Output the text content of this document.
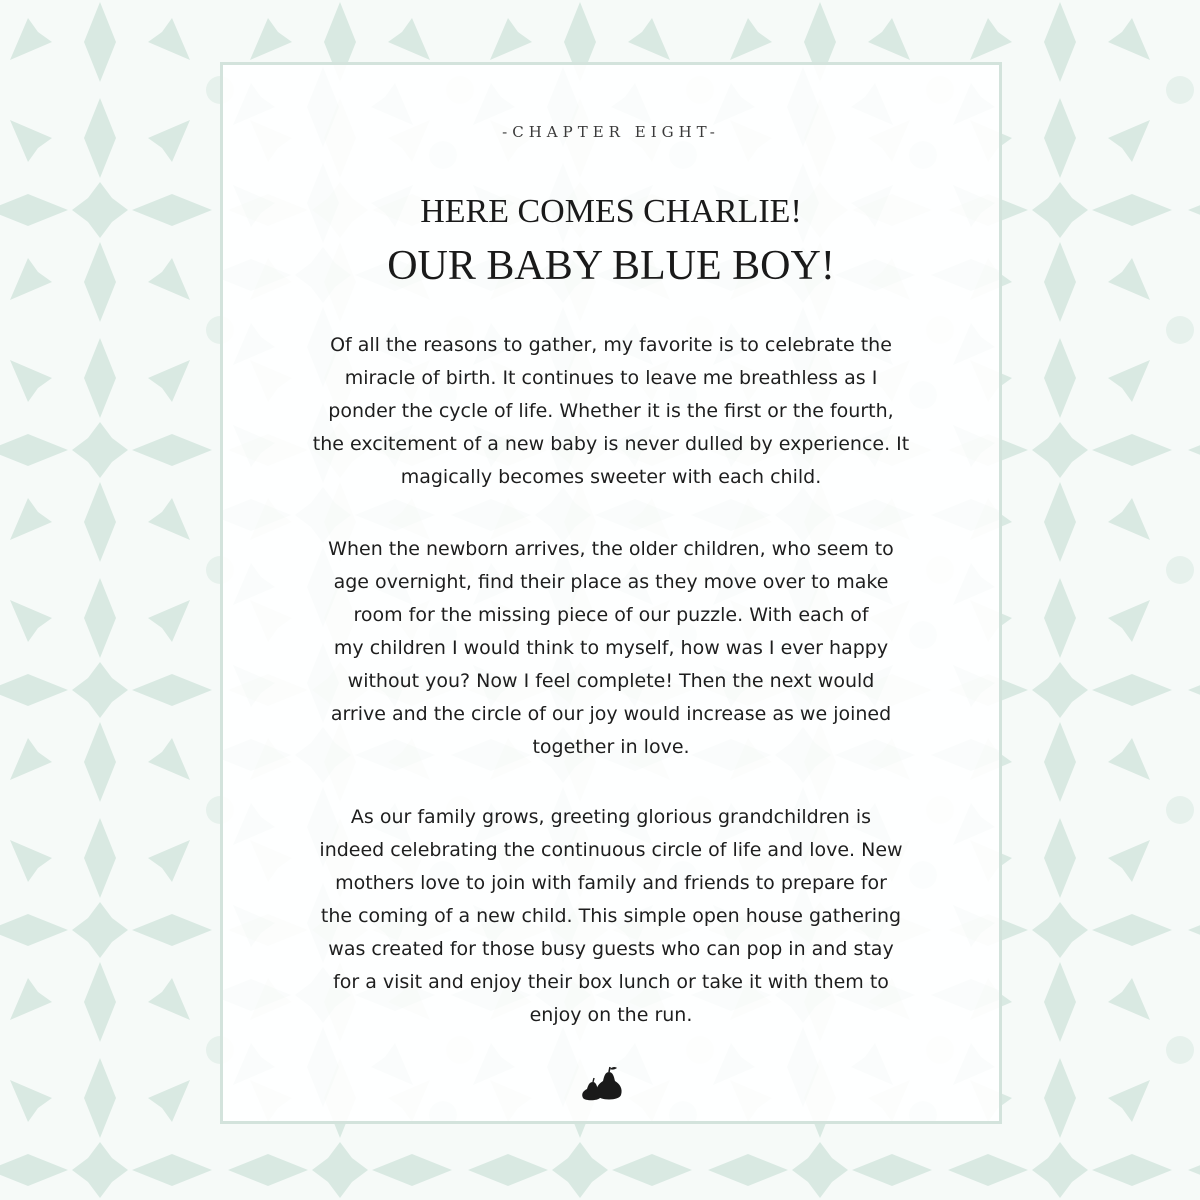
-CHAPTER EIGHT-
HERE COMES CHARLIE!
OUR BABY BLUE BOY!
Of all the reasons to gather, my favorite is to celebrate the
miracle of birth. It continues to leave me breathless as I
ponder the cycle of life. Whether it is the first or the fourth,
the excitement of a new baby is never dulled by experience. It
magically becomes sweeter with each child.
When the newborn arrives, the older children, who seem to
age overnight, find their place as they move over to make
room for the missing piece of our puzzle. With each of
my children I would think to myself, how was I ever happy
without you? Now I feel complete! Then the next would
arrive and the circle of our joy would increase as we joined
together in love.
As our family grows, greeting glorious grandchildren is
indeed celebrating the continuous circle of life and love. New
mothers love to join with family and friends to prepare for
the coming of a new child. This simple open house gathering
was created for those busy guests who can pop in and stay
for a visit and enjoy their box lunch or take it with them to
enjoy on the run.
